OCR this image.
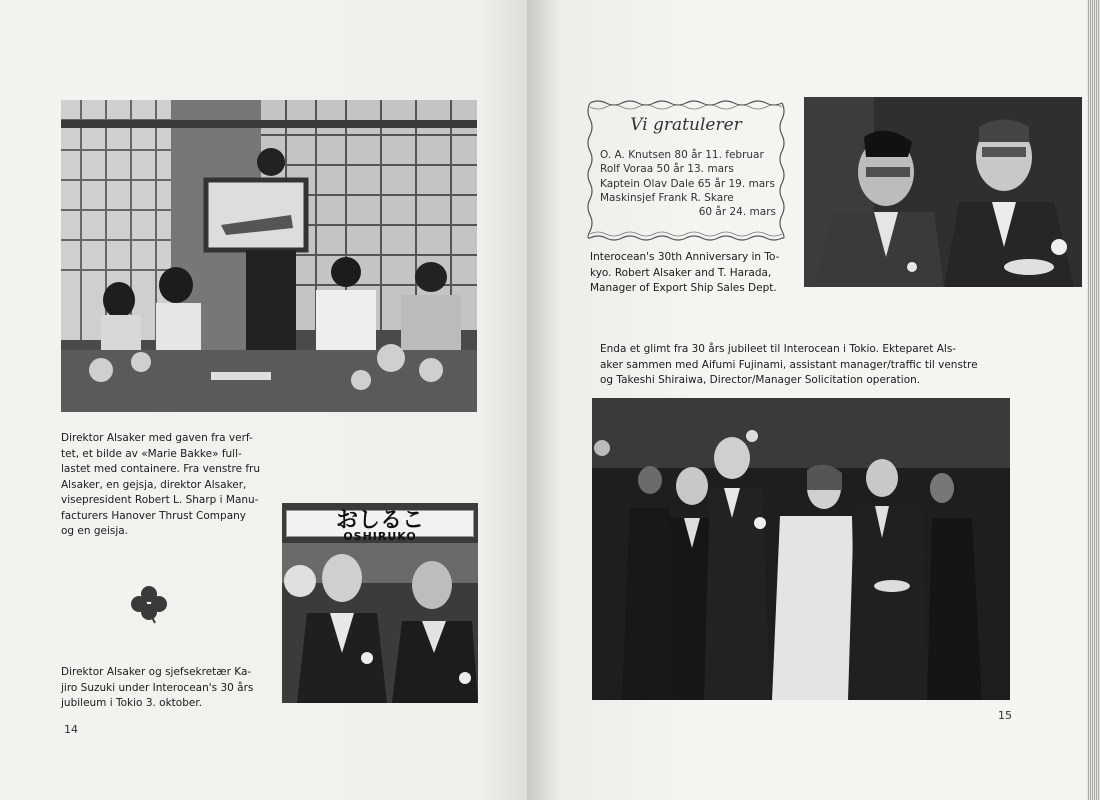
Direktor Alsaker med gaven fra verf-
tet, et bilde av «Marie Bakke» full-
lastet med containere. Fra venstre fru
Alsaker, en gejsja, direktor Alsaker,
visepresident Robert L. Sharp i Manu-
facturers Hanover Thrust Company
og en geisja.	おしるこ
OSHIRUKO
Direktor Alsaker og sjefsekretær Ka-
jiro Suzuki under Interocean's 30 års
jubileum i Tokio 3. oktober.
14
Vi gratulerer
O. A. Knutsen 80 år 11. februar
Rolf Voraa 50 år 13. mars
Kaptein Olav Dale 65 år 19. mars
Maskinsjef Frank R. Skare
60 år 24. mars
Interocean's 30th Anniversary in To-
kyo. Robert Alsaker and T. Harada,
Manager of Export Ship Sales Dept.
Enda et glimt fra 30 års jubileet til Interocean i Tokio. Ekteparet Als-
aker sammen med Aifumi Fujinami, assistant manager/traffic til venstre
og Takeshi Shiraiwa, Director/Manager Solicitation operation.
15
